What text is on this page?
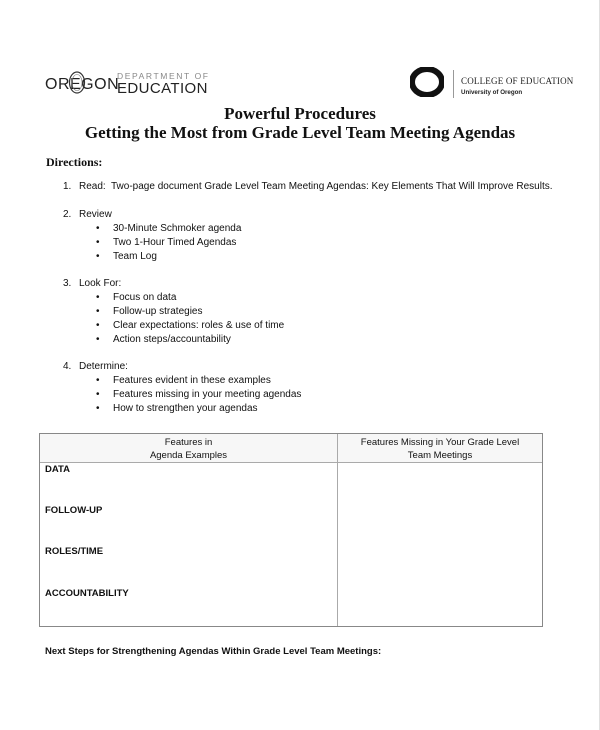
OREGON
DEPARTMENT OF
EDUCATION	COLLEGE OF EDUCATION
University of Oregon
Powerful Procedures
Getting the Most from Grade Level Team Meeting Agendas
Directions:
1. Read: Two-page document Grade Level Team Meeting Agendas: Key Elements That Will Improve Results.
2. Review
• 30-Minute Schmoker agenda
• Two 1-Hour Timed Agendas
• Team Log
3. Look For:
• Focus on data
• Follow-up strategies
• Clear expectations: roles & use of time
• Action steps/accountability
4. Determine:
• Features evident in these examples
• Features missing in your meeting agendas
• How to strengthen your agendas
Features in
Agenda Examples
Features Missing in Your Grade Level
Team Meetings
DATA
FOLLOW-UP
ROLES/TIME
ACCOUNTABILITY
Next Steps for Strengthening Agendas Within Grade Level Team Meetings:
